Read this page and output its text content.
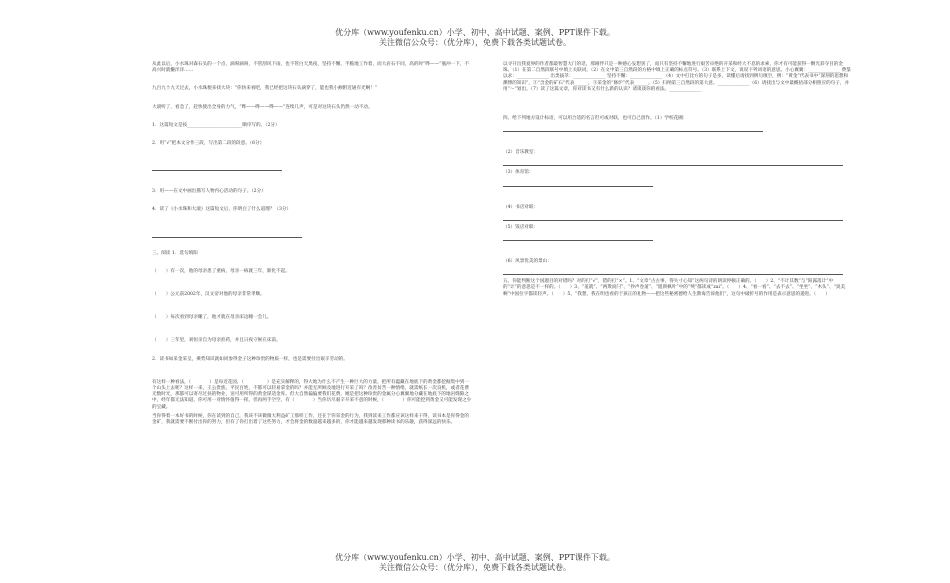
优分库（www.youfenku.cn）小学、初中、高中试题、案例、PPT课件下载。
关注微信公众号：（优分库），免费下载各类试题试卷。

从此以后，小水珠对森石头的一个点，滴呀滴呀，不管刮风下雨，也不管白天黑夜，坚持不懈，半脆地工作着，而大岩石不同，高的时“哗——”瓶冲一下，不高兴时就懒洋洋……

九百九十九天过去，小水珠便来找大块：“你快来看吧，我已经把这块石头滴穿了，能也我小额附近通有光啊！”

大滚听了，看急了，赶快使出全身的力气，“哗——哗——哗——”连续几声，可是对这块石头仍然一动不动。

1．这篇短文是按________________________顺序写的。（2分）

2．用“√”把本文分作三段，写出第二段的段意。（6分）

3．用——在文中画出描写人物内心活动的句子。（2分）

4．读了《小水珠和大滚》这篇短文后，你明白了什么道理？（3分）

三、阅读 1．选句填阳

（　　）有一次，他的母亲患了重病，母亲一病就三年，渐化不起。

（　　）公元前2002年，汉文帝对他的母亲非常孝顺。

（　　）每次看到母亲睡了，他才就在母亲床边睡一会儿。

（　　）三年里，刘恒亲自为母亲煎药，并且日夜守候在床前。

2．读书如采金采呈，乘势知识就如同参得金子这种珍贵的物质一样，也是需要付出艰辛劳动的。

有这样一种看法，（　　　　）是每近花园，（　　　　　）是充实解释的，得大地为什么不产生一种巨大的力量，把所有蕴藏在地底下的黄金都挖掘集中到一个山头上去呢？这样一来，王公贵族、平民百姓，不都可以轻易拿金的吗？并能无所顾及地进行开采了吗？改善贫苦一种情绪，就需纸长一次良机，或者花费无数时光，那都可以寄尽过扶的物业，送可用所得的黄金谋适金库。但大自然偏偏要我们花费，她是把这种珍贵的金属分心翼翼地分藏在地底下的地岩缝隙之中，经年都无法知道。你可用一对情怀值得一挥，但再两手空空，有（　　　　）当你历尽艰辛开采不意的时候，（　　　　）你可能挖到黄金又可能发现之少的宝藏。

当你得着一本好书的时候，你在读到的自己，我该不该微微大利益矿工那样工作，还在于你采金的行为，我到读来工作都应该这样来干得，读书本是你得金的金矿，我就需要不断付出你的努力，但有了你打出着了这些努力，才会将金的数量越来越多的，你才能越来越发现那种读书的乐趣，获得深远的快乐。

以寻开出我爱界的作者都最智慧大门的话，那刚伴只是一种感心妄想罢了，而只有坚持不懈地进行艰苦卓绝的开采和经大不息的求索，你才有可能获得一颗光彩夺目的金珠。（1）在第二自然段联号中填上关联词。（2）在文中第三自然段的方格中填上正确的标点符号。（3）联系上下文，说说下列词语的意思。小心翼翼：______________ 费篆以求：______________ 出类拔萃：______________ 坚持不懈：______________ （4）文中打比方的句子是多，读懂后请找到例句填空，例：“黄金”代表书中“深刻的思想和渊博的知识”，③“含金的矿石”代表______，③采金的“修炉”代表______。（5）归纳第三自然段的第大意。______________（6）请找出与文中最概括部分相照应的句子，并用“～”划出。（7）读了这篇文章，你对读书又有什么新的认识？请谈谈你的看法。______________

四、给下列地方设计标语，可以用合适的名言但可或对联，也可自己创作。（1）学校花圃：

（2）音乐教室：

（3）体育馆：

（4）书店对联：

（5）饭店对联：

（6）风景优美的景山：

五、你能判断这个国题目的对错吗？对的打“√”，错的打“×”。1、“文章”古古事，得失寸心知”这两句诗的朗读停顿正确的。（　　）2、“不计其数”与“阳露落计”中的“计”的意思是不一样的。（　　）3、“羞就”、“两欺而闩”、“抄声卷道”、“阻锁枫叶”中的“殃”都读成“zai”。（　　）4、“看一看”、“去不去”、“坐坐”、“木头”、“臭美啊”中国位字都读轻声。（　　）5、“我想，我在明也看的于孩正的礼物——把这些秘密德给人生教诲告诉他们”，这句中破折号的作用是表示意思的递进。（　　）

优分库（www.youfenku.cn）小学、初中、高中试题、案例、PPT课件下载。
关注微信公众号：（优分库），免费下载各类试题试卷。
